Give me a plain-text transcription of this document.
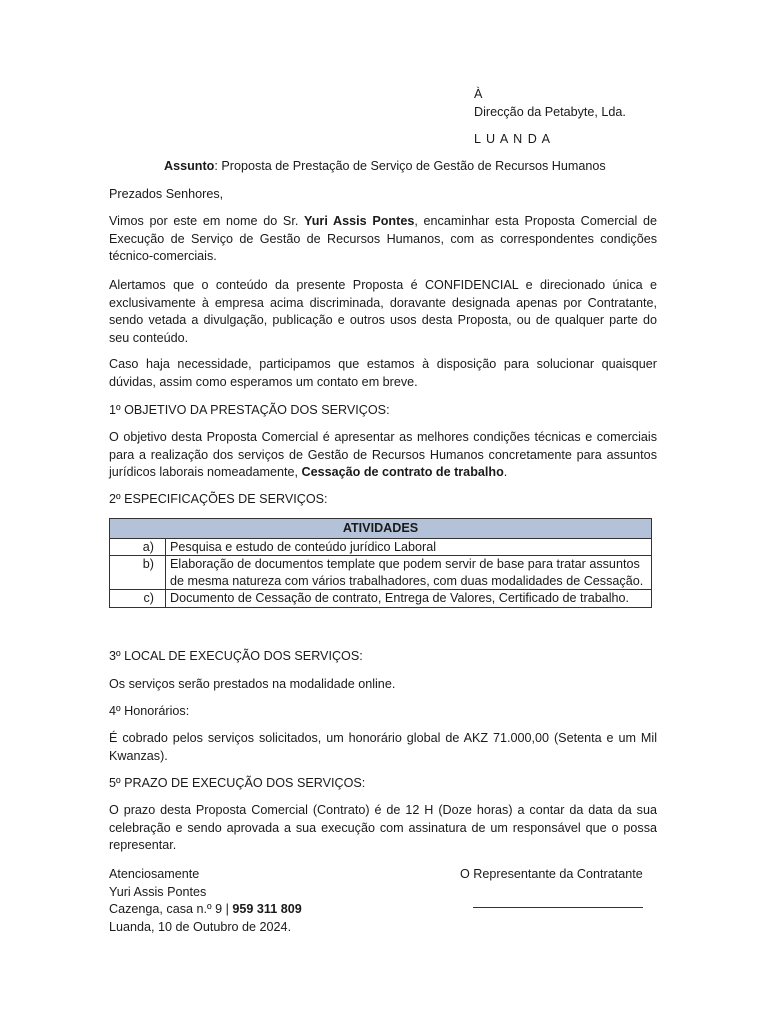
À

Direcção da Petabyte, Lda.

L U A N D A

Assunto: Proposta de Prestação de Serviço de Gestão de Recursos Humanos

Prezados Senhores,

Vimos por este em nome do Sr. Yuri Assis Pontes, encaminhar esta Proposta Comercial de Execução de Serviço de Gestão de Recursos Humanos, com as correspondentes condições técnico-comerciais.

Alertamos que o conteúdo da presente Proposta é CONFIDENCIAL e direcionado única e exclusivamente à empresa acima discriminada, doravante designada apenas por Contratante, sendo vetada a divulgação, publicação e outros usos desta Proposta, ou de qualquer parte do seu conteúdo.

Caso haja necessidade, participamos que estamos à disposição para solucionar quaisquer dúvidas, assim como esperamos um contato em breve.

1º OBJETIVO DA PRESTAÇÃO DOS SERVIÇOS:

O objetivo desta Proposta Comercial é apresentar as melhores condições técnicas e comerciais para a realização dos serviços de Gestão de Recursos Humanos concretamente para assuntos jurídicos laborais nomeadamente, Cessação de contrato de trabalho.

2º ESPECIFICAÇÕES DE SERVIÇOS:

ATIVIDADES	
a)	Pesquisa e estudo de conteúdo jurídico Laboral
b)	Elaboração de documentos template que podem servir de base para tratar assuntos de mesma natureza com vários trabalhadores, com duas modalidades de Cessação.
c)	Documento de Cessação de contrato, Entrega de Valores, Certificado de trabalho.

3º LOCAL DE EXECUÇÃO DOS SERVIÇOS:

Os serviços serão prestados na modalidade online.

4º Honorários:

É cobrado pelos serviços solicitados, um honorário global de AKZ 71.000,00 (Setenta e um Mil Kwanzas).

5º PRAZO DE EXECUÇÃO DOS SERVIÇOS:

O prazo desta Proposta Comercial (Contrato) é de 12 H (Doze horas) a contar da data da sua celebração e sendo aprovada a sua execução com assinatura de um responsável que o possa representar.

Atenciosamente

Yuri Assis Pontes

Cazenga, casa n.º 9 | 959 311 809

Luanda, 10 de Outubro de 2024.

O Representante da Contratante
